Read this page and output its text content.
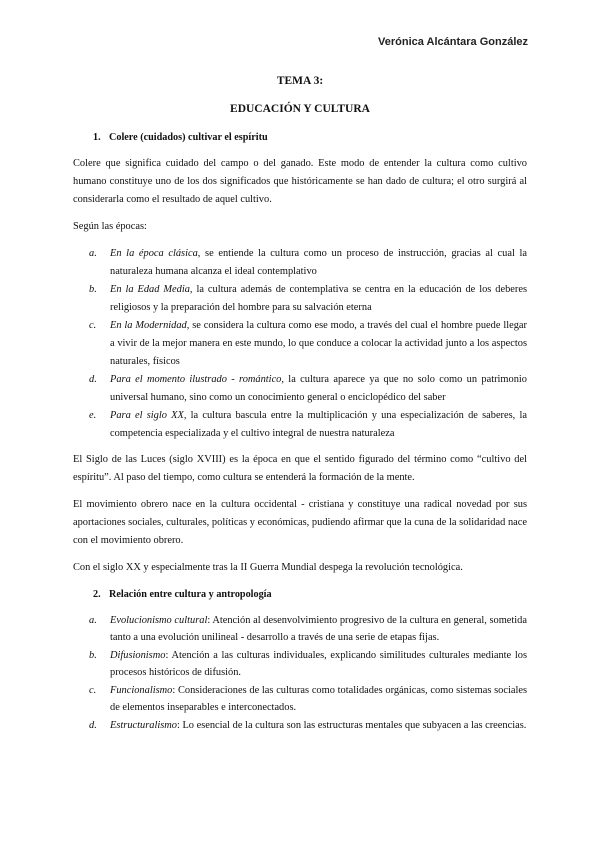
Verónica Alcántara González
TEMA 3:
EDUCACIÓN Y CULTURA
1. Colere (cuidados) cultivar el espíritu

Colere que significa cuidado del campo o del ganado. Este modo de entender la cultura como cultivo humano constituye uno de los dos significados que históricamente se han dado de cultura; el otro surgirá al considerarla como el resultado de aquel cultivo.

Según las épocas:

a.	En la época clásica, se entiende la cultura como un proceso de instrucción, gracias al cual la naturaleza humana alcanza el ideal contemplativo
b.	En la Edad Media, la cultura además de contemplativa se centra en la educación de los deberes religiosos y la preparación del hombre para su salvación eterna
c.	En la Modernidad, se considera la cultura como ese modo, a través del cual el hombre puede llegar a vivir de la mejor manera en este mundo, lo que conduce a colocar la actividad junto a los aspectos naturales, físicos
d.	Para el momento ilustrado - romántico, la cultura aparece ya que no solo como un patrimonio universal humano, sino como un conocimiento general o enciclopédico del saber
e.	Para el siglo XX, la cultura bascula entre la multiplicación y una especialización de saberes, la competencia especializada y el cultivo integral de nuestra naturaleza

El Siglo de las Luces (siglo XVIII) es la época en que el sentido figurado del término como “cultivo del espíritu”. Al paso del tiempo, como cultura se entenderá la formación de la mente.

El movimiento obrero nace en la cultura occidental - cristiana y constituye una radical novedad por sus aportaciones sociales, culturales, políticas y económicas, pudiendo afirmar que la cuna de la solidaridad nace con el movimiento obrero.

Con el siglo XX y especialmente tras la II Guerra Mundial despega la revolución tecnológica.

2. Relación entre cultura y antropología
a.	Evolucionismo cultural: Atención al desenvolvimiento progresivo de la cultura en general, sometida tanto a una evolución unilineal - desarrollo a través de una serie de etapas fijas.
b.	Difusionismo: Atención a las culturas individuales, explicando similitudes culturales mediante los procesos históricos de difusión.
c.	Funcionalismo: Consideraciones de las culturas como totalidades orgánicas, como sistemas sociales de elementos inseparables e interconectados.
d.	Estructuralismo: Lo esencial de la cultura son las estructuras mentales que subyacen a las creencias.
